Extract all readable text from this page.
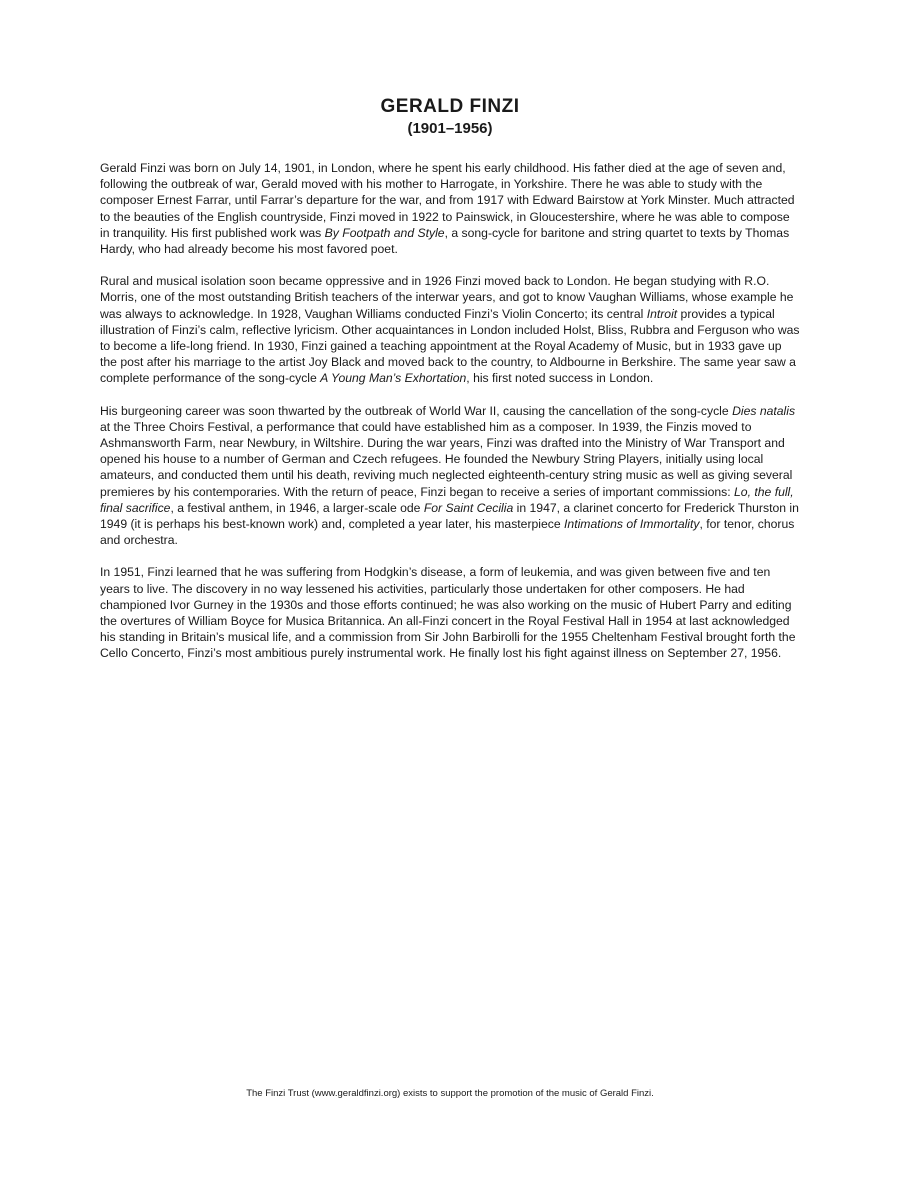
GERALD FINZI
(1901–1956)

Gerald Finzi was born on July 14, 1901, in London, where he spent his early childhood. His father died at the age of seven and, following the outbreak of war, Gerald moved with his mother to Harrogate, in Yorkshire. There he was able to study with the composer Ernest Farrar, until Farrar’s departure for the war, and from 1917 with Edward Bairstow at York Minster. Much attracted to the beauties of the English countryside, Finzi moved in 1922 to Painswick, in Gloucestershire, where he was able to compose in tranquility. His first published work was By Footpath and Style, a song-cycle for baritone and string quartet to texts by Thomas Hardy, who had already become his most favored poet.

Rural and musical isolation soon became oppressive and in 1926 Finzi moved back to London. He began studying with R.O. Morris, one of the most outstanding British teachers of the interwar years, and got to know Vaughan Williams, whose example he was always to acknowledge. In 1928, Vaughan Williams conducted Finzi’s Violin Concerto; its central Introit provides a typical illustration of Finzi’s calm, reflective lyricism. Other acquaintances in London included Holst, Bliss, Rubbra and Ferguson who was to become a life-long friend. In 1930, Finzi gained a teaching appointment at the Royal Academy of Music, but in 1933 gave up the post after his marriage to the artist Joy Black and moved back to the country, to Aldbourne in Berkshire. The same year saw a complete performance of the song-cycle A Young Man’s Exhortation, his first noted success in London.

His burgeoning career was soon thwarted by the outbreak of World War II, causing the cancellation of the song-cycle Dies natalis at the Three Choirs Festival, a performance that could have established him as a composer. In 1939, the Finzis moved to Ashmansworth Farm, near Newbury, in Wiltshire. During the war years, Finzi was drafted into the Ministry of War Transport and opened his house to a number of German and Czech refugees. He founded the Newbury String Players, initially using local amateurs, and conducted them until his death, reviving much neglected eighteenth-century string music as well as giving several premieres by his contemporaries. With the return of peace, Finzi began to receive a series of important commissions: Lo, the full, final sacrifice, a festival anthem, in 1946, a larger-scale ode For Saint Cecilia in 1947, a clarinet concerto for Frederick Thurston in 1949 (it is perhaps his best-known work) and, completed a year later, his masterpiece Intimations of Immortality, for tenor, chorus and orchestra.

In 1951, Finzi learned that he was suffering from Hodgkin’s disease, a form of leukemia, and was given between five and ten years to live. The discovery in no way lessened his activities, particularly those undertaken for other composers. He had championed Ivor Gurney in the 1930s and those efforts continued; he was also working on the music of Hubert Parry and editing the overtures of William Boyce for Musica Britannica. An all-Finzi concert in the Royal Festival Hall in 1954 at last acknowledged his standing in Britain’s musical life, and a commission from Sir John Barbirolli for the 1955 Cheltenham Festival brought forth the Cello Concerto, Finzi’s most ambitious purely instrumental work. He finally lost his fight against illness on September 27, 1956.

The Finzi Trust (www.geraldfinzi.org) exists to support the promotion of the music of Gerald Finzi.
